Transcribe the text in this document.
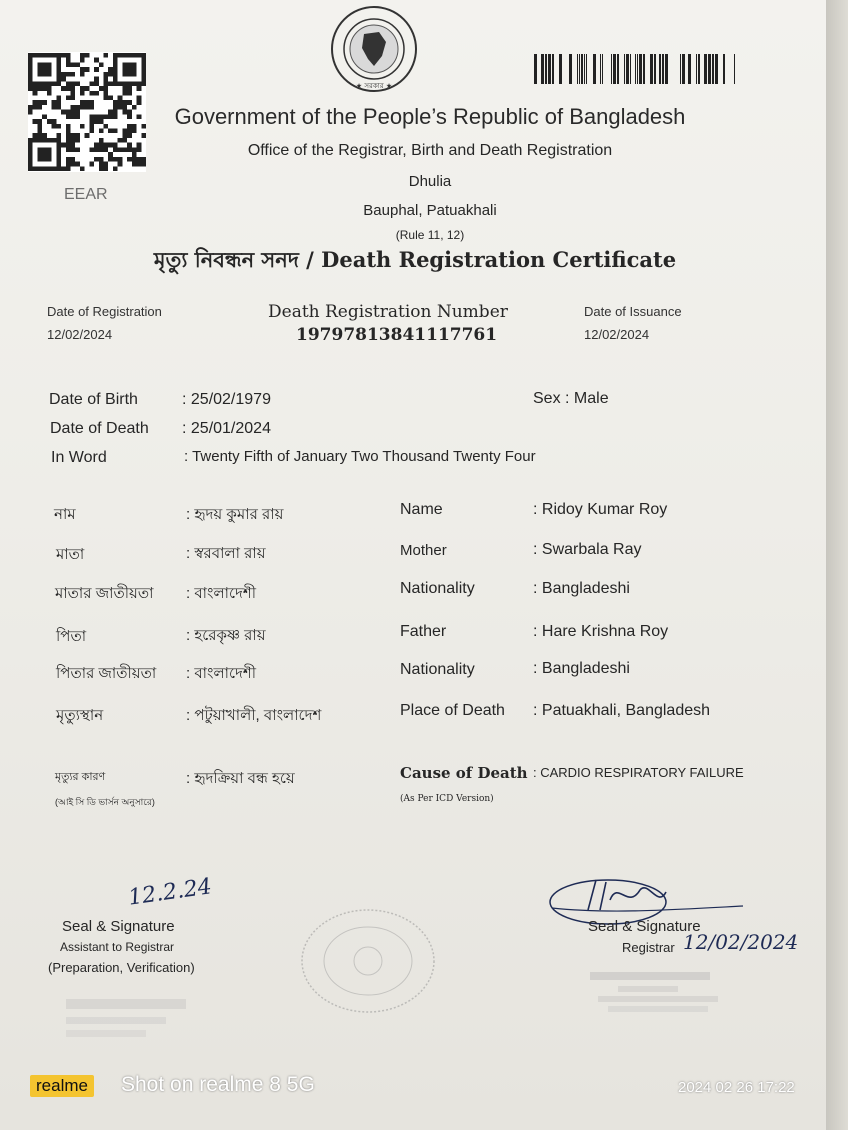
★ সরকার ★
EEAR
Government of the People’s Republic of Bangladesh
Office of the Registrar, Birth and Death Registration
Dhulia
Bauphal, Patuakhali
(Rule 11, 12)
মৃত্যু নিবন্ধন সনদ / Death Registration Certificate
Date of Registration
12/02/2024
Death Registration Number
19797813841117761
Date of Issuance
12/02/2024
Date of Birth	: 25/02/1979	Sex : Male
Date of Death : 25/01/2024
In Word	: Twenty Fifth of January Two Thousand Twenty Four
নাম	: হৃদয় কুমার রায়	Name	: Ridoy Kumar Roy
মাতা	: স্বরবালা রায়	Mother	: Swarbala Ray
মাতার জাতীয়তা : বাংলাদেশী	Nationality	: Bangladeshi
পিতা	: হরেকৃষ্ণ রায়	Father	: Hare Krishna Roy
পিতার জাতীয়তা : বাংলাদেশী	Nationality	: Bangladeshi
মৃত্যুস্থান	: পটুয়াখালী, বাংলাদেশ	Place of Death : Patuakhali, Bangladesh
মৃত্যুর কারণ
(আই সি ডি ভার্সন অনুসারে)
: হৃদক্রিয়া বন্ধ হয়ে	Cause of Death : CARDIO RESPIRATORY FAILURE
(As Per ICD Version)
12.2.24
Seal & Signature
Assistant to Registrar
(Preparation, Verification)
Seal & Signature
Registrar 12/02/2024
realme Shot on realme 8 5G	2024 02 26 17:22
